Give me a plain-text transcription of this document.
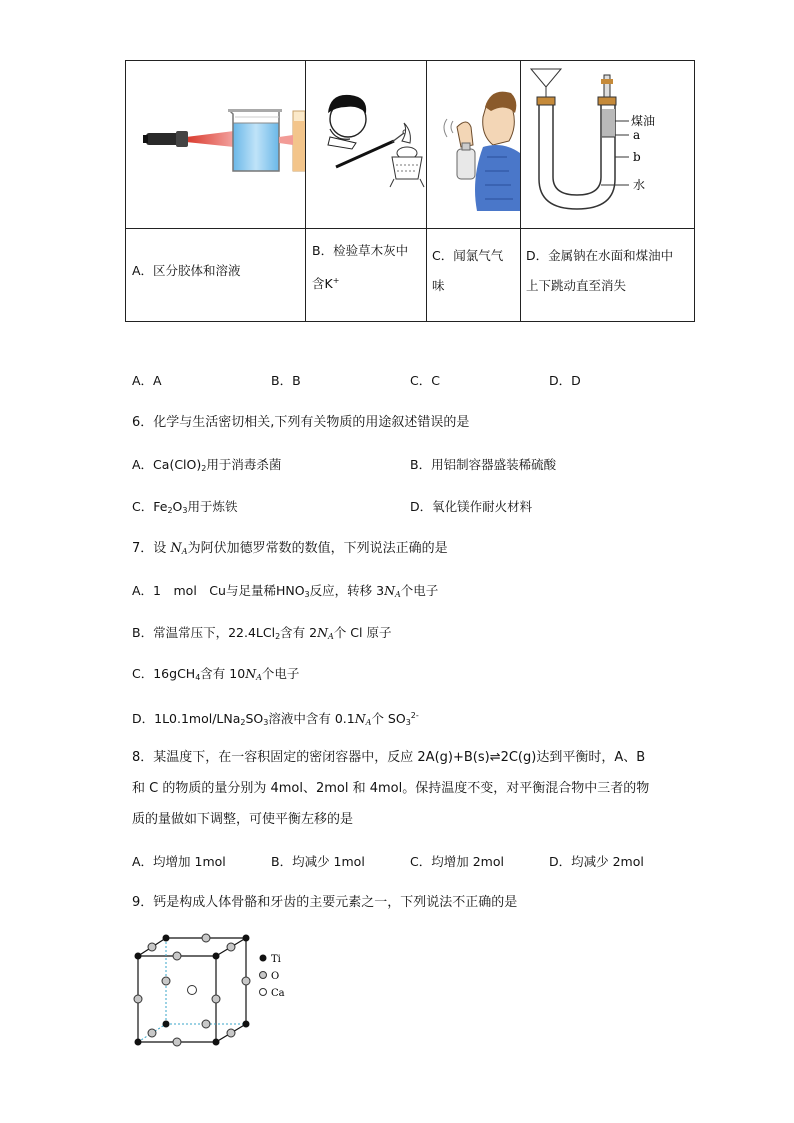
煤油
a
b
水
A．区分胶体和溶液
B．检验草木灰中
含K+
C．闻氯气气
味
D．金属钠在水面和煤油中
上下跳动直至消失
A．A	B．B	C．C	D．D
6．化学与生活密切相关,下列有关物质的用途叙述错误的是
A．$Ca(ClO)_2$用于消毒杀菌	B．用铝制容器盛装稀硫酸
C．$Fe_2O_3$用于炼铁	D．氧化镁作耐火材料
7．设 $N_A$为阿伏加德罗常数的数值，下列说法正确的是
A．1　mol　Cu与足量稀$HNO_3$反应，转移 $3N_A$个电子
B．常温常压下，22.4LCl$_2$含有 $2N_A$个 Cl 原子
C．16gCH$_4$含有 $10N_A$个电子
D．$1L0.1mol/LNa_2SO_3$溶液中含有 $0.1N_A$个 $SO_3^{2-}$
8．某温度下，在一容积固定的密闭容器中，反应 2A(g)+B(s)⇌2C(g)达到平衡时，A、B
和 C 的物质的量分别为 4mol、2mol 和 4mol。保持温度不变，对平衡混合物中三者的物
质的量做如下调整，可使平衡左移的是
A．均增加 1mol	B．均减少 1mol	C．均增加 2mol	D．均减少 2mol
9．钙是构成人体骨骼和牙齿的主要元素之一，下列说法不正确的是
Ti
O
Ca
